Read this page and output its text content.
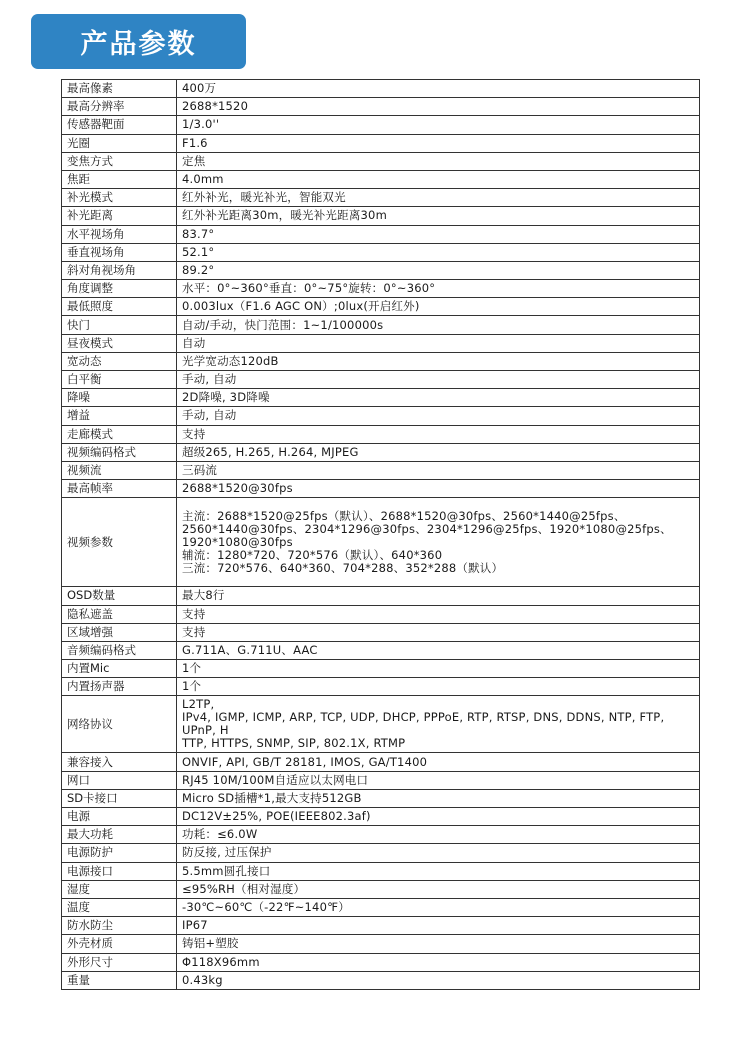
产品参数
最高像素	400万
最高分辨率	2688*1520
传感器靶面	1/3.0''
光圈	F1.6
变焦方式	定焦
焦距	4.0mm
补光模式	红外补光，暖光补光，智能双光
补光距离	红外补光距离30m，暖光补光距离30m
水平视场角	83.7°
垂直视场角	52.1°
斜对角视场角	89.2°
角度调整	水平：0°~360°垂直：0°~75°旋转：0°~360°
最低照度	0.003lux（F1.6 AGC ON）;0lux(开启红外)
快门	自动/手动，快门范围：1~1/100000s
昼夜模式	自动
宽动态	光学宽动态120dB
白平衡	手动, 自动
降噪	2D降噪, 3D降噪
增益	手动, 自动
走廊模式	支持
视频编码格式	超级265, H.265, H.264, MJPEG
视频流	三码流
最高帧率	2688*1520@30fps
视频参数	主流：2688*1520@25fps（默认）、2688*1520@30fps、2560*1440@25fps、
2560*1440@30fps、2304*1296@30fps、2304*1296@25fps、1920*1080@25fps、
1920*1080@30fps
辅流：1280*720、720*576（默认）、640*360
三流：720*576、640*360、704*288、352*288（默认）

OSD数量	最大8行
隐私遮盖	支持
区域增强	支持
音频编码格式	G.711A、G.711U、AAC
内置Mic	1个
内置扬声器	1个
网络协议	L2TP,
IPv4, IGMP, ICMP, ARP, TCP, UDP, DHCP, PPPoE, RTP, RTSP, DNS, DDNS, NTP, FTP, UPnP, H
TTP, HTTPS, SNMP, SIP, 802.1X, RTMP

兼容接入	ONVIF, API, GB/T 28181, IMOS, GA/T1400
网口	RJ45 10M/100M自适应以太网电口
SD卡接口	Micro SD插槽*1,最大支持512GB
电源	DC12V±25%, POE(IEEE802.3af)
最大功耗	功耗：≤6.0W
电源防护	防反接, 过压保护
电源接口	5.5mm圆孔接口
湿度	≤95%RH（相对湿度）
温度	-30℃~60℃（-22℉~140℉）
防水防尘	IP67
外壳材质	铸铝+塑胶
外形尺寸	Φ118X96mm
重量	0.43kg
